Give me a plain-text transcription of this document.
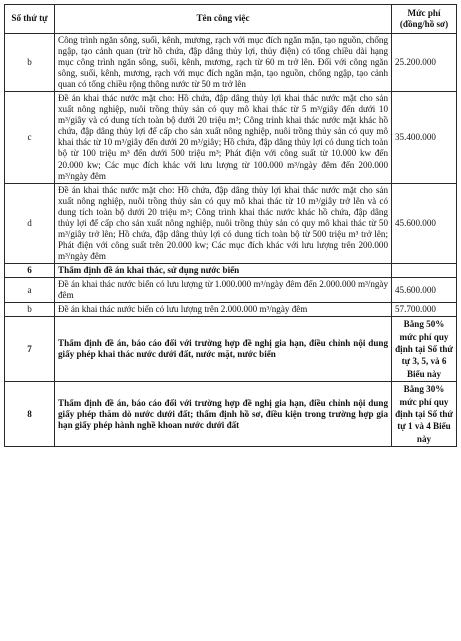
Số thứ tự	Tên công việc	Mức phí (đồng/hồ sơ)
b	Công trình ngăn sông, suối, kênh, mương, rạch với mục đích ngăn mặn, tạo nguồn, chống ngập, tạo cảnh quan (trừ hồ chứa, đập dâng thủy lợi, thủy điện) có tổng chiều dài hạng mục công trình ngăn sông, suối, kênh, mương, rạch từ 60 m trở lên. Đối với công ngăn sông, suối, kênh, mương, rạch với mục đích ngăn mặn, tạo nguồn, chống ngập, tạo cảnh quan có tổng chiều rộng thông nước từ 50 m trở lên	25.200.000
c	Đề án khai thác nước mặt cho: Hồ chứa, đập dâng thủy lợi khai thác nước mặt cho sản xuất nông nghiệp, nuôi trồng thủy sản có quy mô khai thác từ 5 m³/giây đến dưới 10 m³/giây và có dung tích toàn bộ dưới 20 triệu m³; Công trình khai thác nước mặt khác hồ chứa, đập dâng thủy lợi để cấp cho sản xuất nông nghiệp, nuôi trồng thủy sản có quy mô khai thác từ 10 m³/giây đến dưới 20 m³/giây; Hồ chứa, đập dâng thủy lợi có dung tích toàn bộ từ 100 triệu m³ đến dưới 500 triệu m³; Phát điện với công suất từ 10.000 kw đến 20.000 kw; Các mục đích khác với lưu lượng từ 100.000 m³/ngày đêm đến 200.000 m³/ngày đêm	35.400.000
d	Đề án khai thác nước mặt cho: Hồ chứa, đập dâng thủy lợi khai thác nước mặt cho sản xuất nông nghiệp, nuôi trồng thủy sản có quy mô khai thác từ 10 m³/giây trở lên và có dung tích toàn bộ dưới 20 triệu m³; Công trình khai thác nước khác hồ chứa, đập dâng thủy lợi để cấp cho sản xuất nông nghiệp, nuôi trồng thủy sản có quy mô khai thác từ 50 m³/giây trở lên; Hồ chứa, đập dâng thủy lợi có dung tích toàn bộ từ 500 triệu m³ trở lên; Phát điện với công suất trên 20.000 kw; Các mục đích khác với lưu lượng trên 200.000 m³/ngày đêm	45.600.000
6	Thẩm định đề án khai thác, sử dụng nước biển	
a	Đề án khai thác nước biển có lưu lượng từ 1.000.000 m³/ngày đêm đến 2.000.000 m³/ngày đêm	45.600.000
b	Đề án khai thác nước biển có lưu lượng trên 2.000.000 m³/ngày đêm	57.700.000
7	Thẩm định đề án, báo cáo đối với trường hợp đề nghị gia hạn, điều chỉnh nội dung giấy phép khai thác nước dưới đất, nước mặt, nước biển	Bằng 50% mức phí quy định tại Số thứ tự 3, 5, và 6 Biểu này
8	Thẩm định đề án, báo cáo đối với trường hợp đề nghị gia hạn, điều chỉnh nội dung giấy phép thăm dò nước dưới đất; thẩm định hồ sơ, điều kiện trong trường hợp gia hạn giấy phép hành nghề khoan nước dưới đất	Bằng 30% mức phí quy định tại Số thứ tự 1 và 4 Biểu này
